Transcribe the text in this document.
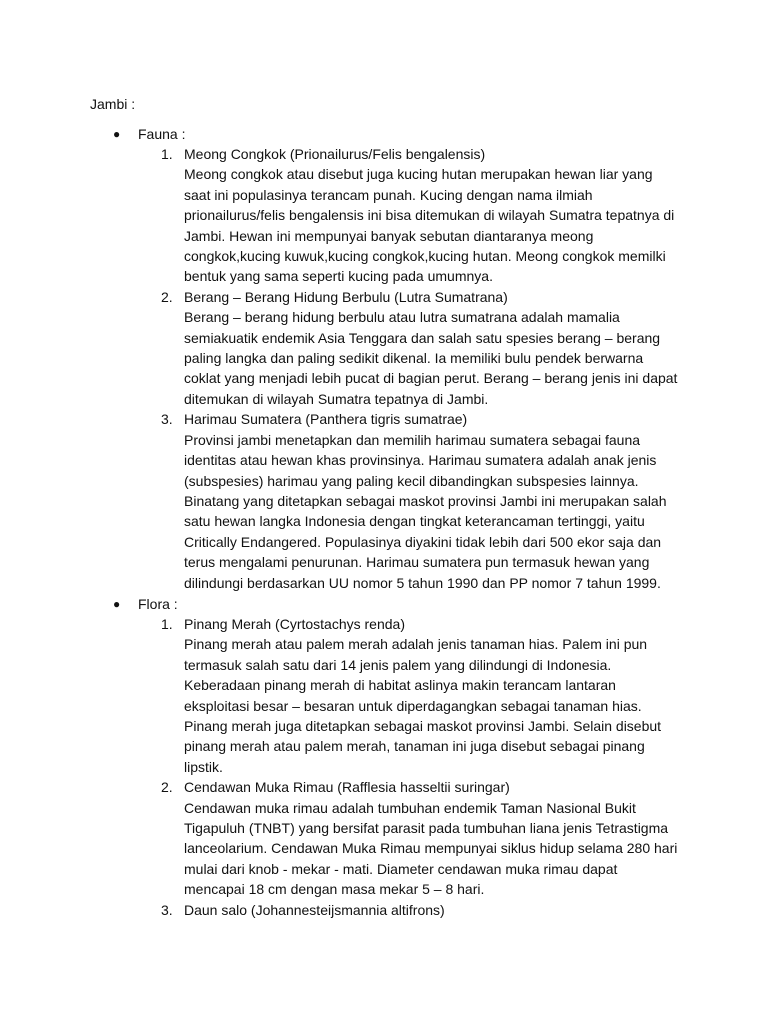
Jambi :
● Fauna :
1. Meong Congkok (Prionailurus/Felis bengalensis)
Meong congkok atau disebut juga kucing hutan merupakan hewan liar yang saat ini populasinya terancam punah. Kucing dengan nama ilmiah prionailurus/felis bengalensis ini bisa ditemukan di wilayah Sumatra tepatnya di Jambi. Hewan ini mempunyai banyak sebutan diantaranya meong congkok,kucing kuwuk,kucing congkok,kucing hutan. Meong congkok memilki bentuk yang sama seperti kucing pada umumnya.
2. Berang – Berang Hidung Berbulu (Lutra Sumatrana)
Berang – berang hidung berbulu atau lutra sumatrana adalah mamalia semiakuatik endemik Asia Tenggara dan salah satu spesies berang – berang paling langka dan paling sedikit dikenal. Ia memiliki bulu pendek berwarna coklat yang menjadi lebih pucat di bagian perut. Berang – berang jenis ini dapat ditemukan di wilayah Sumatra tepatnya di Jambi.
3. Harimau Sumatera (Panthera tigris sumatrae)
Provinsi jambi menetapkan dan memilih harimau sumatera sebagai fauna identitas atau hewan khas provinsinya. Harimau sumatera adalah anak jenis (subspesies) harimau yang paling kecil dibandingkan subspesies lainnya. Binatang yang ditetapkan sebagai maskot provinsi Jambi ini merupakan salah satu hewan langka Indonesia dengan tingkat keterancaman tertinggi, yaitu Critically Endangered. Populasinya diyakini tidak lebih dari 500 ekor saja dan terus mengalami penurunan. Harimau sumatera pun termasuk hewan yang dilindungi berdasarkan UU nomor 5 tahun 1990 dan PP nomor 7 tahun 1999.
● Flora :
1. Pinang Merah (Cyrtostachys renda)
Pinang merah atau palem merah adalah jenis tanaman hias. Palem ini pun termasuk salah satu dari 14 jenis palem yang dilindungi di Indonesia. Keberadaan pinang merah di habitat aslinya makin terancam lantaran eksploitasi besar – besaran untuk diperdagangkan sebagai tanaman hias. Pinang merah juga ditetapkan sebagai maskot provinsi Jambi. Selain disebut pinang merah atau palem merah, tanaman ini juga disebut sebagai pinang lipstik.
2. Cendawan Muka Rimau (Rafflesia hasseltii suringar)
Cendawan muka rimau adalah tumbuhan endemik Taman Nasional Bukit Tigapuluh (TNBT) yang bersifat parasit pada tumbuhan liana jenis Tetrastigma lanceolarium. Cendawan Muka Rimau mempunyai siklus hidup selama 280 hari mulai dari knob - mekar - mati. Diameter cendawan muka rimau dapat mencapai 18 cm dengan masa mekar 5 – 8 hari.
3. Daun salo (Johannesteijsmannia altifrons)
